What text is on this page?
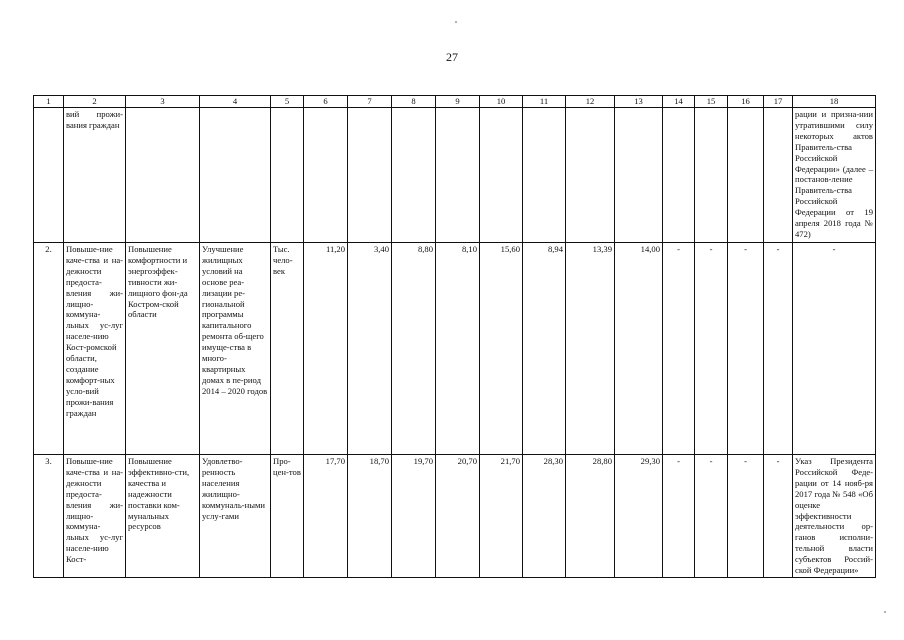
27
1	2	3	4	5	6	7	8	9	10	11	12	13	14	15	16	17	18
	вий прожи-вания граждан																рации и призна-нии утратившими силу некоторых актов Правитель-ства Российской Федерации» (далее – постанов-ление Правитель-ства Российской Федерации от 19 апреля 2018 года № 472)
2.	Повыше-ние каче-ства и на-дежности предоста-вления жи-лищно-коммуна-льных ус-луг населе-нию Кост-ромской области, создание комфорт-ных усло-вий прожи-вания граждан	Повышение комфортности и энергоэффек-тивности жи-лищного фон-да Костром-ской области	Улучшение жилищных условий на основе реа-лизации ре-гиональной программы капитального ремонта об-щего имуще-ства в много-квартирных домах в пе-риод 2014 – 2020 годов	Тыс. чело-век	11,20	3,40	8,80	8,10	15,60	8,94	13,39	14,00	-	-	-	-	-
3.	Повыше-ние каче-ства и на-дежности предоста-вления жи-лищно-коммуна-льных ус-луг населе-нию Кост-	Повышение эффективно-сти, качества и надежности поставки ком-мунальных ресурсов	Удовлетво-ренность населения жилищно-коммуналь-ными услу-гами	Про-цен-тов	17,70	18,70	19,70	20,70	21,70	28,30	28,80	29,30	-	-	-	-	Указ Президента Российской Феде-рации от 14 нояб-ря 2017 года № 548 «Об оценке эффективности деятельности ор-ганов исполни-тельной власти субъектов Россий-ской Федерации»
